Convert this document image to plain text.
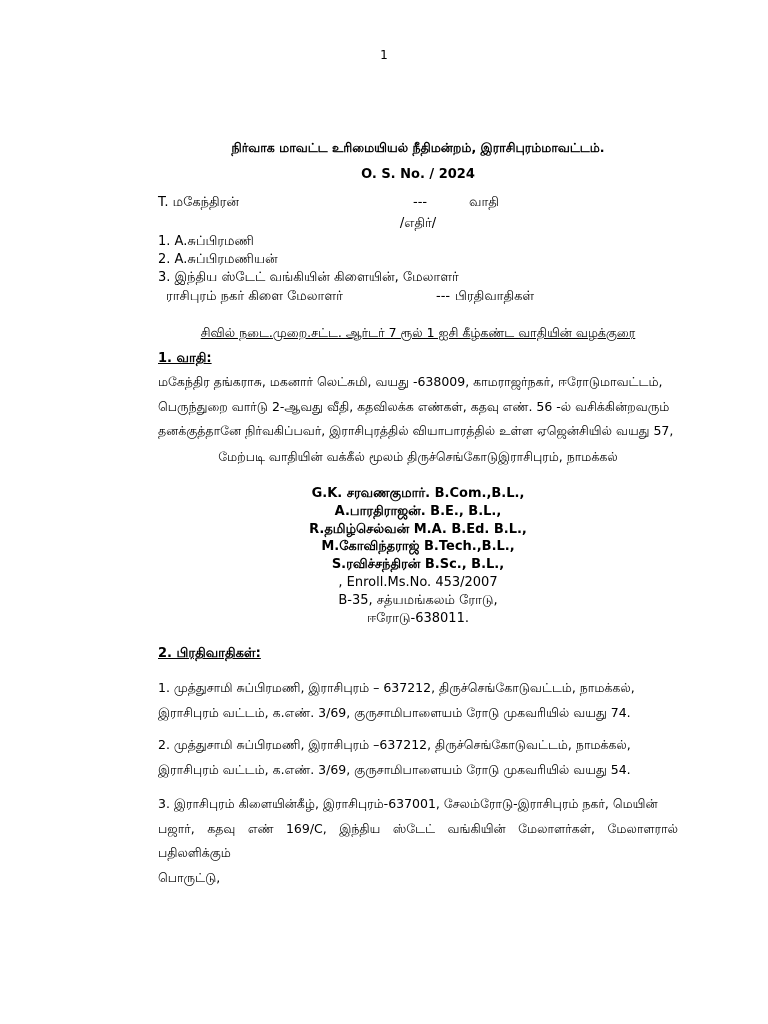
1
நிர்வாக மாவட்ட உரிமையியல் நீதிமன்றம், இராசிபுரம்மாவட்டம்.
O. S. No. / 2024
T. மகேந்திரன்	---	வாதி
/எதிர்/
1. A.சுப்பிரமணி
2. A.சுப்பிரமணியன்
3. இந்திய ஸ்டேட் வங்கியின் கிளையின், மேலாளர்
ராசிபுரம் நகர் கிளை மேலாளர்	--- பிரதிவாதிகள்
சிவில் நடை.முறை.சட்ட. ஆர்டர் 7 ரூல் 1 ஐசி கீழ்கண்ட வாதியின் வழக்குரை
1. வாதி:
மகேந்திர தங்கராசு, மகனார் லெட்சுமி, வயது -638009, காமராஜர்நகர், ஈரோடுமாவட்டம்,
பெருந்துறை வார்டு 2-ஆவது வீதி, கதவிலக்க எண்கள், கதவு எண். 56 -ல் வசிக்கின்றவரும்
தனக்குத்தானே நிர்வகிப்பவர், இராசிபுரத்தில் வியாபாரத்தில் உள்ள ஏஜென்சியில் வயது 57,
மேற்படி வாதியின் வக்கீல் மூலம் திருச்செங்கோடுஇராசிபுரம், நாமக்கல்
G.K. சரவணகுமார். B.Com.,B.L.,
A.பாரதிராஜன். B.E., B.L.,
R.தமிழ்செல்வன் M.A. B.Ed. B.L.,
M.கோவிந்தராஜ் B.Tech.,B.L.,
S.ரவிச்சந்திரன் B.Sc., B.L.,
, Enroll.Ms.No. 453/2007
B-35, சத்யமங்கலம் ரோடு,
ஈரோடு-638011.
2. பிரதிவாதிகள்:
1. முத்துசாமி சுப்பிரமணி, இராசிபுரம் – 637212, திருச்செங்கோடுவட்டம், நாமக்கல்,
இராசிபுரம் வட்டம், க.எண். 3/69, குருசாமிபாளையம் ரோடு முகவரியில் வயது 74.
2. முத்துசாமி சுப்பிரமணி, இராசிபுரம் –637212, திருச்செங்கோடுவட்டம், நாமக்கல்,
இராசிபுரம் வட்டம், க.எண். 3/69, குருசாமிபாளையம் ரோடு முகவரியில் வயது 54.
3. இராசிபுரம் கிளையின்கீழ், இராசிபுரம்-637001, சேலம்ரோடு-இராசிபுரம் நகர், மெயின்
பஜார், கதவு எண் 169/C, இந்திய ஸ்டேட் வங்கியின் மேலாளர்கள், மேலாளரால் பதிலளிக்கும்
பொருட்டு,
